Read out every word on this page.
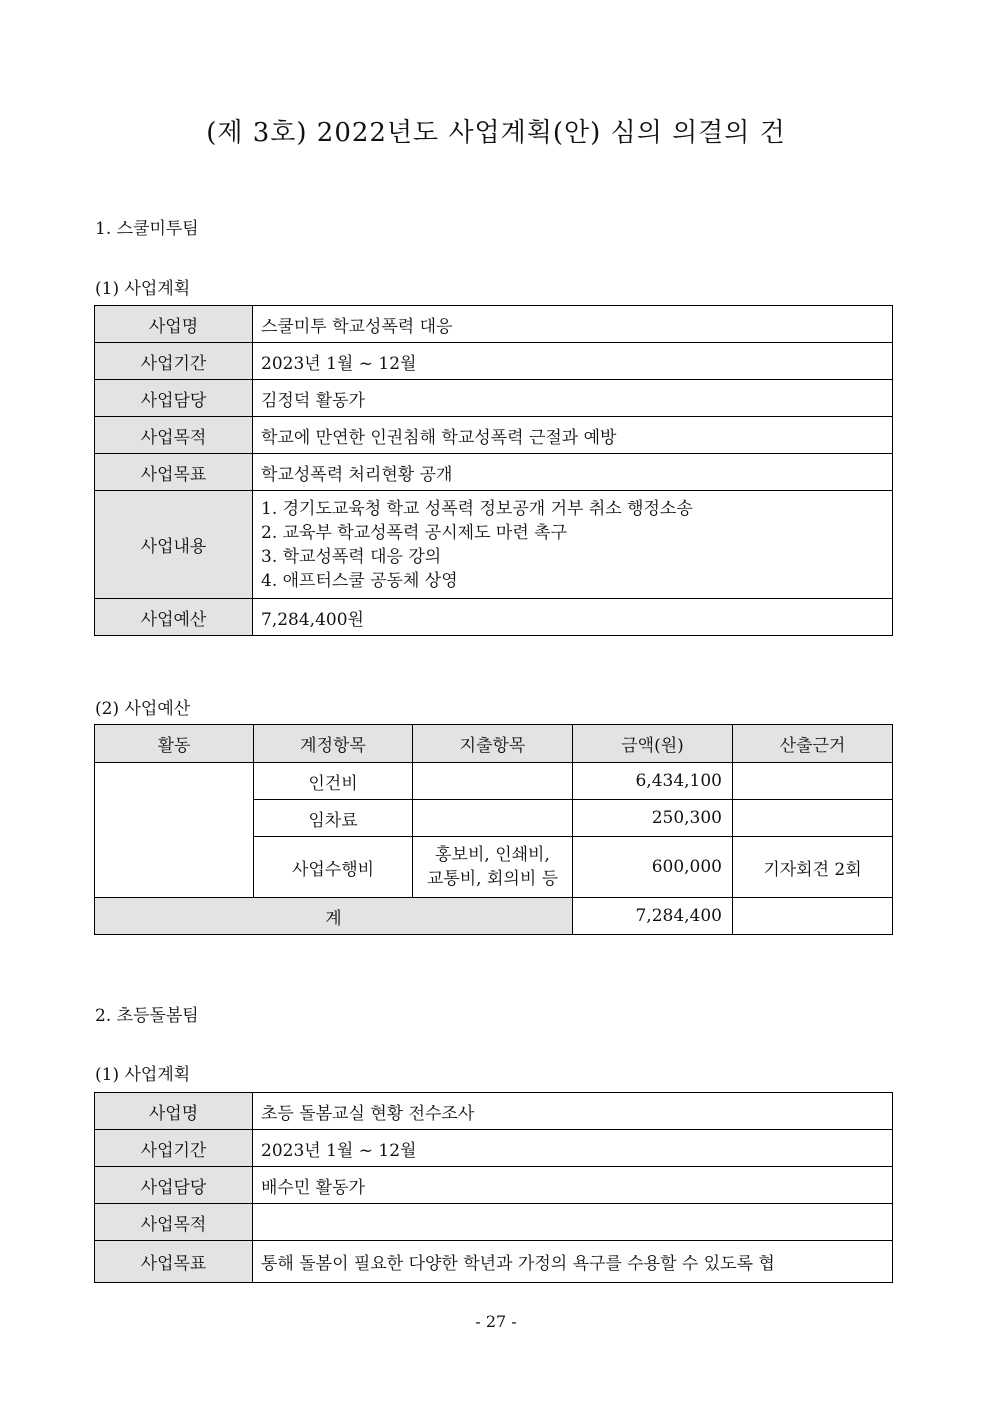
(제 3호) 2022년도 사업계획(안) 심의 의결의 건
1. 스쿨미투팀
(1) 사업계획
사업명	스쿨미투 학교성폭력 대응
사업기간	2023년 1월 ~ 12월
사업담당	김정덕 활동가
사업목적	학교에 만연한 인권침해 학교성폭력 근절과 예방
사업목표	학교성폭력 처리현황 공개
사업내용	1. 경기도교육청 학교 성폭력 정보공개 거부 취소 행정소송
2. 교육부 학교성폭력 공시제도 마련 촉구
3. 학교성폭력 대응 강의
4. 애프터스쿨 공동체 상영

사업예산	7,284,400원
(2) 사업예산
활동	계정항목	지출항목	금액(원)	산출근거
	인건비		6,434,100	
	임차료		250,300	
	사업수행비	홍보비, 인쇄비,
교통비, 회의비 등	600,000	기자회견 2회
계			7,284,400	
2. 초등돌봄팀
(1) 사업계획
사업명	초등 돌봄교실 현황 전수조사
사업기간	2023년 1월 ~ 12월
사업담당	배수민 활동가
사업목적	
사업목표	통해 돌봄이 필요한 다양한 학년과 가정의 욕구를 수용할 수 있도록 협
- 27 -
